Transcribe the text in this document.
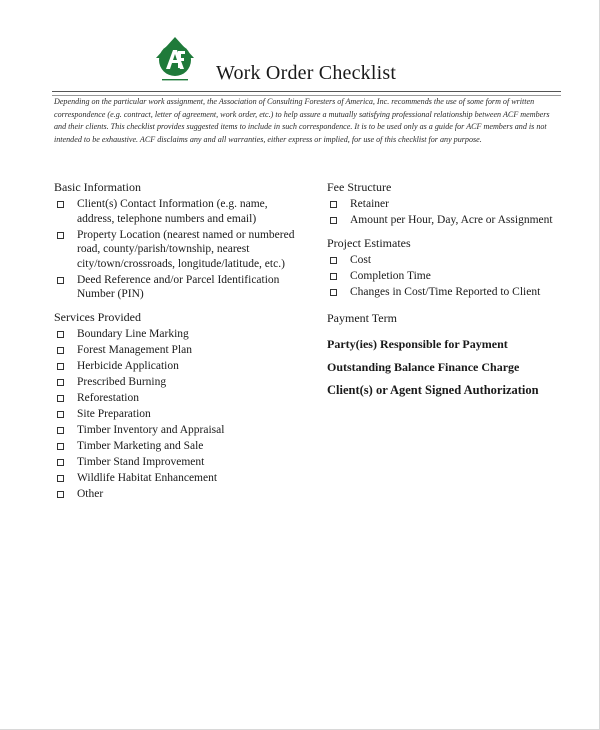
Work Order Checklist
Depending on the particular work assignment, the Association of Consulting Foresters of America, Inc. recommends the use of some form of written correspondence (e.g. contract, letter of agreement, work order, etc.) to help assure a mutually satisfying professional relationship between ACF members and their clients. This checklist provides suggested items to include in such correspondence. It is to be used only as a guide for ACF members and is not intended to be exhaustive. ACF disclaims any and all warranties, either express or implied, for use of this checklist for any purpose.
Basic Information
Client(s) Contact Information (e.g. name, address, telephone numbers and email)
Property Location (nearest named or numbered road, county/parish/township, nearest city/town/crossroads, longitude/latitude, etc.)
Deed Reference and/or Parcel Identification Number (PIN)
Services Provided
Boundary Line Marking
Forest Management Plan
Herbicide Application
Prescribed Burning
Reforestation
Site Preparation
Timber Inventory and Appraisal
Timber Marketing and Sale
Timber Stand Improvement
Wildlife Habitat Enhancement
Other
Fee Structure
Retainer
Amount per Hour, Day, Acre or Assignment
Project Estimates
Cost
Completion Time
Changes in Cost/Time Reported to Client
Payment Term
Party(ies) Responsible for Payment
Outstanding Balance Finance Charge
Client(s) or Agent Signed Authorization
